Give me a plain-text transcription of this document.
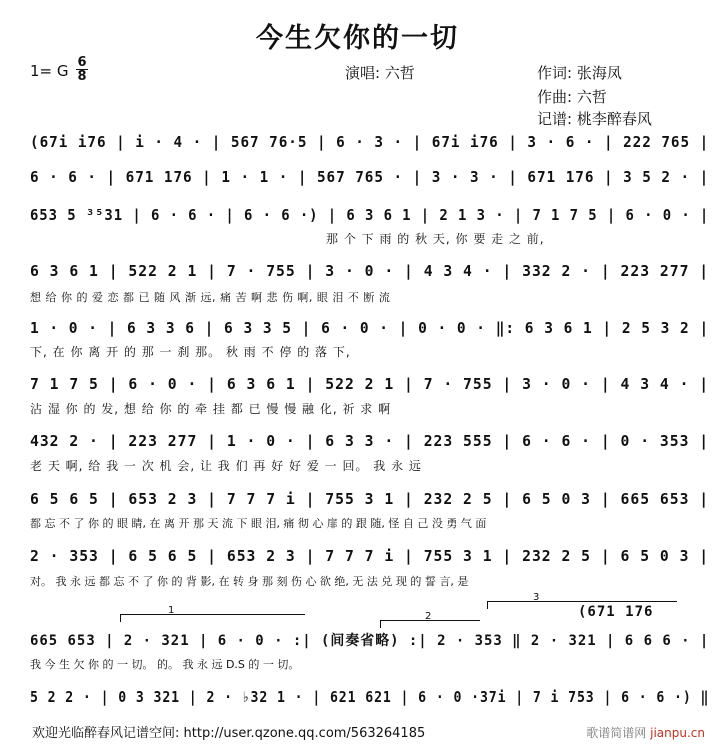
今生欠你的一切
1= G 6
8	演唱: 六哲	作词: 张海凤
作曲: 六哲
记谱: 桃李醉春风
(67i i76 | i · 4 · | 567 76·5 | 6 · 3 · | 67i i76 | 3 · 6 · | 222 765 |
6 · 6 · | 671 176 | 1 · 1 · | 567 765 · | 3 · 3 · | 671 176 | 3 5 2 · |
653 5 ³⁵31 | 6 · 6 · | 6 · 6 ·) | 6 3 6 1 | 2 1 3 · | 7 1 7 5 | 6 · 0 · |
那 个 下 雨 的 秋 天, 你 要 走 之 前,
6 3 6 1 | 522 2 1 | 7 · 755 | 3 · 0 · | 4 3 4 · | 332 2 · | 223 277 |
想 给 你 的 爱 恋 都 已 随 风 渐 远, 痛 苦 啊 悲 伤 啊, 眼 泪 不 断 流
1 · 0 · | 6 3 3 6 | 6 3 3 5 | 6 · 0 · | 0 · 0 · ‖: 6 3 6 1 | 2 5 3 2 |
下, 在 你 离 开 的 那 一 刹 那。 秋 雨 不 停 的 落 下,
7 1 7 5 | 6 · 0 · | 6 3 6 1 | 522 2 1 | 7 · 755 | 3 · 0 · | 4 3 4 · |
沾 湿 你 的 发, 想 给 你 的 牵 挂 都 已 慢 慢 融 化, 祈 求 啊
432 2 · | 223 277 | 1 · 0 · | 6 3 3 · | 223 555 | 6 · 6 · | 0 · 353 |
老 天 啊, 给 我 一 次 机 会, 让 我 们 再 好 好 爱 一 回。 我 永 远
6 5 6 5 | 653 2 3 | 7 7 7 i | 755 3 1 | 232 2 5 | 6 5 0 3 | 665 653 |
都 忘 不 了 你 的 眼 睛, 在 离 开 那 天 流 下 眼 泪, 痛 彻 心 扉 的 跟 随, 怪 自 己 没 勇 气 面
2 · 353 | 6 5 6 5 | 653 2 3 | 7 7 7 i | 755 3 1 | 232 2 5 | 6 5 0 3 |
对。 我 永 远 都 忘 不 了 你 的 背 影, 在 转 身 那 刻 伤 心 欲 绝, 无 法 兑 现 的 誓 言, 是
1
2
3
(671 176
665 653 | 2 · 321 | 6 · 0 · :| (间奏省略) :| 2 · 353 ‖ 2 · 321 | 6 6 6 · |
我 今 生 欠 你 的 一 切。 的。 我 永 远 D.S 的 一 切。
5 2 2 · | 0 3 321 | 2 · ♭32 1 · | 621 621 | 6 · 0 ·37i | 7 i 753 | 6 · 6 ·) ‖
欢迎光临醉春风记谱空间: http://user.qzone.qq.com/563264185	歌谱简谱网 jianpu.cn
